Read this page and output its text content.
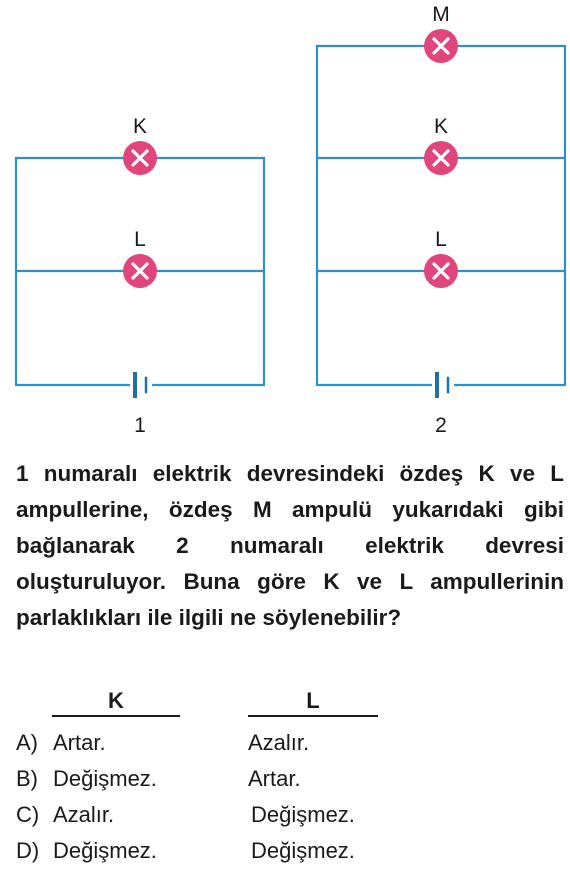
K
L
1
M
K
L
2
1 numaralı elektrik devresindeki özdeş K ve L ampullerine, özdeş M ampulü yukarıdaki gibi bağlanarak 2 numaralı elektrik devresi oluşturuluyor. Buna göre K ve L ampullerinin parlaklıkları ile ilgili ne söylenebilir?
K	L
A) Artar.	Azalır.
B) Değişmez.	Artar.
C) Azalır.	Değişmez.
D) Değişmez.	Değişmez.
